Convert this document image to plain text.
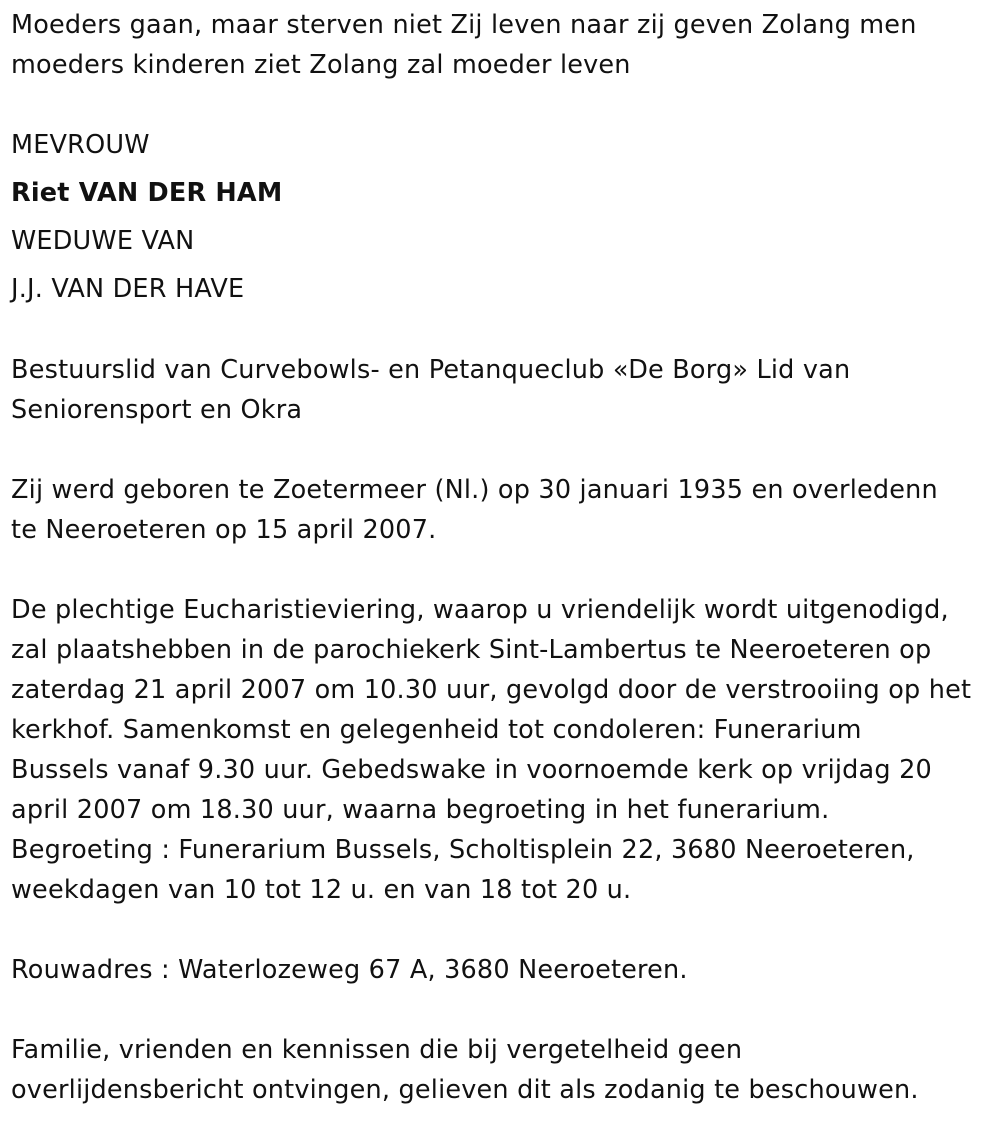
Moeders gaan, maar sterven niet Zij leven naar zij geven Zolang men
moeders kinderen ziet Zolang zal moeder leven

MEVROUW

Riet VAN DER HAM

WEDUWE VAN

J.J. VAN DER HAVE

Bestuurslid van Curvebowls- en Petanqueclub «De Borg» Lid van
Seniorensport en Okra

Zij werd geboren te Zoetermeer (Nl.) op 30 januari 1935 en overledenn
te Neeroeteren op 15 april 2007.

De plechtige Eucharistieviering, waarop u vriendelijk wordt uitgenodigd,
zal plaatshebben in de parochiekerk Sint-Lambertus te Neeroeteren op
zaterdag 21 april 2007 om 10.30 uur, gevolgd door de verstrooiing op het
kerkhof. Samenkomst en gelegenheid tot condoleren: Funerarium
Bussels vanaf 9.30 uur. Gebedswake in voornoemde kerk op vrijdag 20
april 2007 om 18.30 uur, waarna begroeting in het funerarium.
Begroeting : Funerarium Bussels, Scholtisplein 22, 3680 Neeroeteren,
weekdagen van 10 tot 12 u. en van 18 tot 20 u.

Rouwadres : Waterlozeweg 67 A, 3680 Neeroeteren.

Familie, vrienden en kennissen die bij vergetelheid geen
overlijdensbericht ontvingen, gelieven dit als zodanig te beschouwen.
